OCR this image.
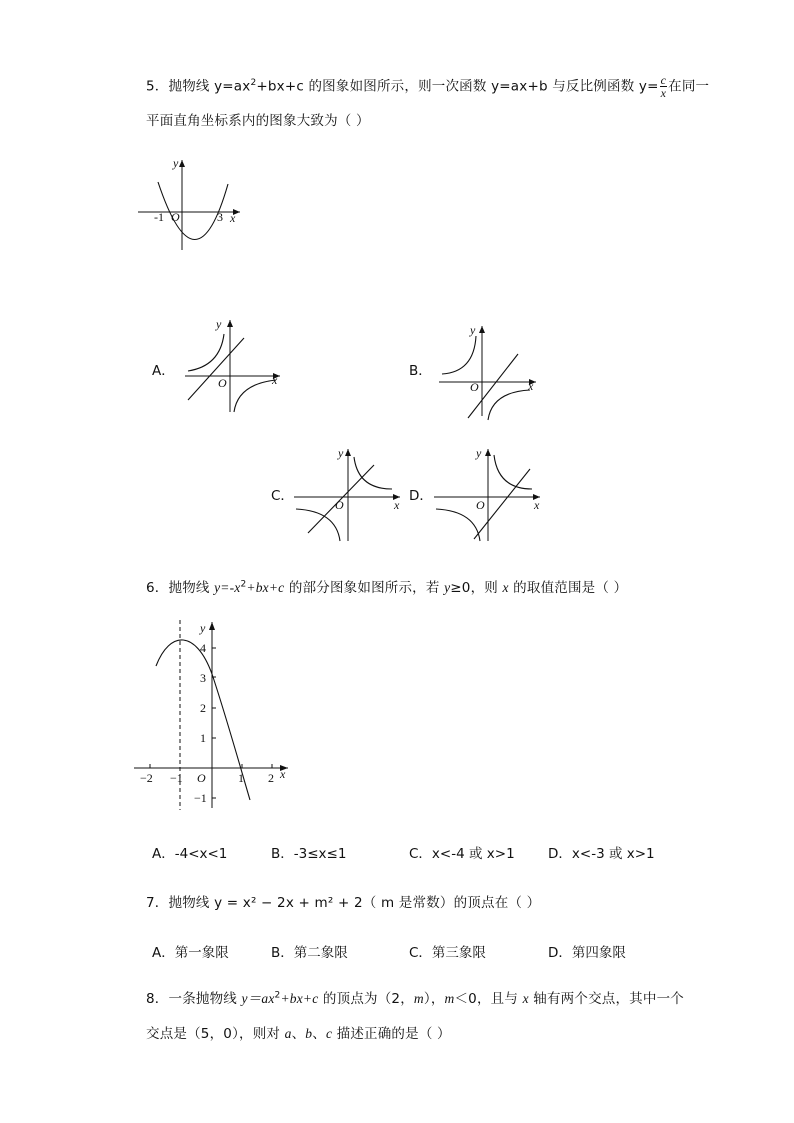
5．抛物线 $y=ax^2+bx+c$ 的图象如图所示，则一次函数 y=ax+b 与反比例函数 $y= \frac{c}{x}$ 在同一
平面直角坐标系内的图象大致为（ ）
y
x
O
-1	3
A．
y
x
O
B．
y
x
O
C．
y
x
O
D．
y
x
O
6．抛物线 $y=-x^2+bx+c$ 的部分图象如图所示，若 y≥0，则 x 的取值范围是（ ）
y
x
O
4
3
2
1
−1
−2 −1	1 2
A．-4<x<1	B．-3≤x≤1	C．x<-4 或 x>1 D．x<-3 或 x>1
7．抛物线 y = x² − 2x + m² + 2（ m 是常数）的顶点在（ ）
A．第一象限	B．第二象限	C．第三象限	D．第四象限
8．一条抛物线 $y=ax^2+bx+c$ 的顶点为（2，m），m＜0，且与 x 轴有两个交点，其中一个
交点是（5，0），则对 a、b、c 描述正确的是（ ）
